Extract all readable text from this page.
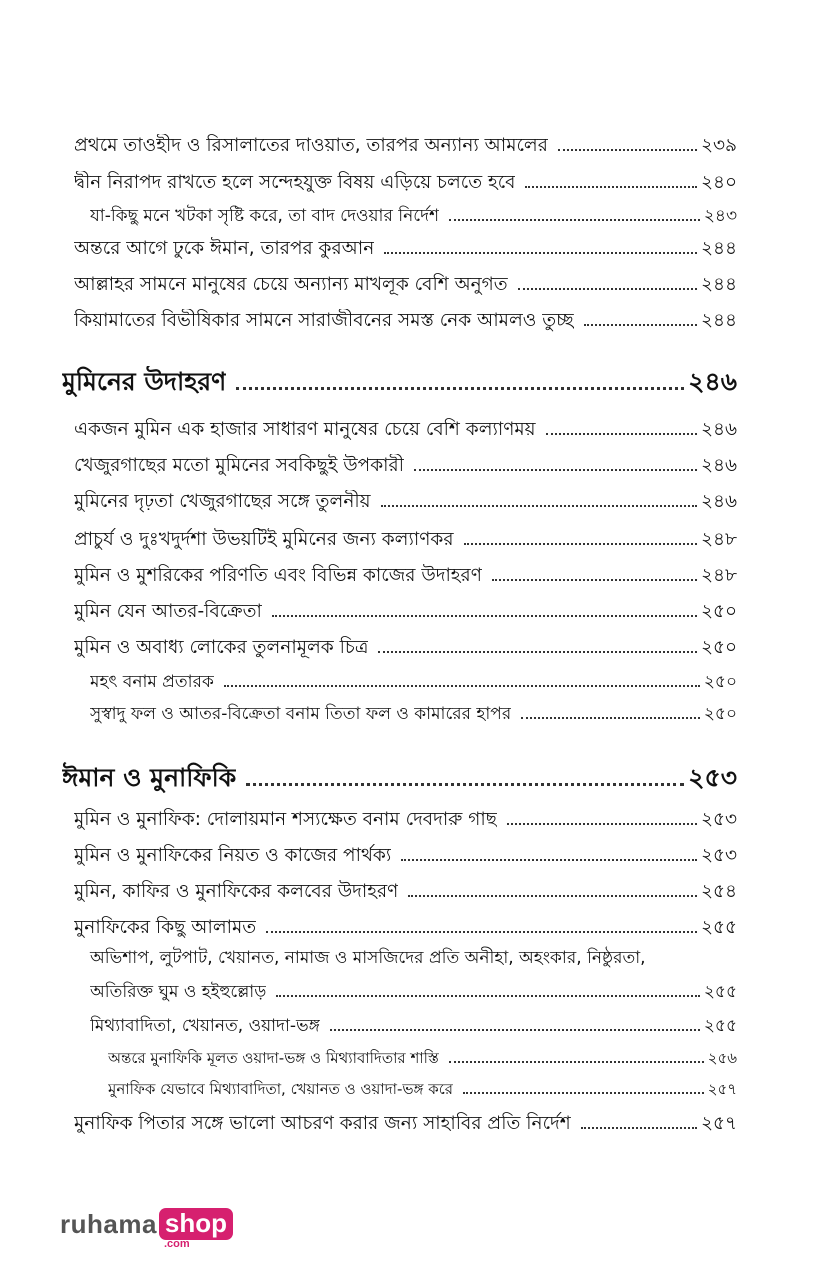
প্রথমে তাওহীদ ও রিসালাতের দাওয়াত, তারপর অন্যান্য আমলের	২৩৯
দ্বীন নিরাপদ রাখতে হলে সন্দেহযুক্ত বিষয় এড়িয়ে চলতে হবে	২৪০
যা-কিছু মনে খটকা সৃষ্টি করে, তা বাদ দেওয়ার নির্দেশ	২৪৩
অন্তরে আগে ঢুকে ঈমান, তারপর কুরআন	২৪৪
আল্লাহর সামনে মানুষের চেয়ে অন্যান্য মাখলূক বেশি অনুগত	২৪৪
কিয়ামাতের বিভীষিকার সামনে সারাজীবনের সমস্ত নেক আমলও তুচ্ছ	২৪৪
মুমিনের উদাহরণ	২৪৬
একজন মুমিন এক হাজার সাধারণ মানুষের চেয়ে বেশি কল্যাণময়	২৪৬
খেজুরগাছের মতো মুমিনের সবকিছুই উপকারী	২৪৬
মুমিনের দৃঢ়তা খেজুরগাছের সঙ্গে তুলনীয়	২৪৬
প্রাচুর্য ও দুঃখদুর্দশা উভয়টিই মুমিনের জন্য কল্যাণকর	২৪৮
মুমিন ও মুশরিকের পরিণতি এবং বিভিন্ন কাজের উদাহরণ	২৪৮
মুমিন যেন আতর-বিক্রেতা	২৫০
মুমিন ও অবাধ্য লোকের তুলনামূলক চিত্র	২৫০
মহৎ বনাম প্রতারক	২৫০
সুস্বাদু ফল ও আতর-বিক্রেতা বনাম তিতা ফল ও কামারের হাপর	২৫০
ঈমান ও মুনাফিকি	২৫৩
মুমিন ও মুনাফিক: দোলায়মান শস্যক্ষেত বনাম দেবদারু গাছ	২৫৩
মুমিন ও মুনাফিকের নিয়ত ও কাজের পার্থক্য	২৫৩
মুমিন, কাফির ও মুনাফিকের কলবের উদাহরণ	২৫৪
মুনাফিকের কিছু আলামত	২৫৫
অভিশাপ, লুটপাট, খেয়ানত, নামাজ ও মাসজিদের প্রতি অনীহা, অহংকার, নিষ্ঠুরতা,
অতিরিক্ত ঘুম ও হইহুল্লোড়	২৫৫
মিথ্যাবাদিতা, খেয়ানত, ওয়াদা-ভঙ্গ	২৫৫
অন্তরে মুনাফিকি মূলত ওয়াদা-ভঙ্গ ও মিথ্যাবাদিতার শাস্তি	২৫৬
মুনাফিক যেভাবে মিথ্যাবাদিতা, খেয়ানত ও ওয়াদা-ভঙ্গ করে	২৫৭
মুনাফিক পিতার সঙ্গে ভালো আচরণ করার জন্য সাহাবির প্রতি নির্দেশ	২৫৭
ruhama shop
.com
